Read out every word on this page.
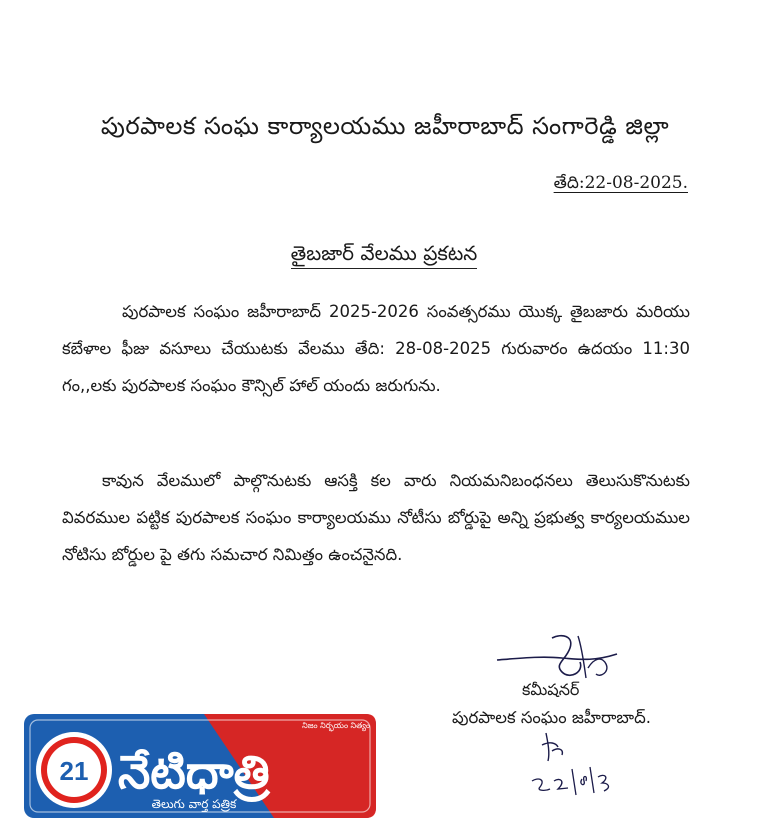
పురపాలక సంఘ కార్యాలయము జహీరాబాద్ సంగారెడ్డి జిల్లా
తేది:22-08-2025.
తైబజార్ వేలము ప్రకటన
పురపాలక సంఘం జహీరాబాద్ 2025-2026 సంవత్సరము యొక్క తైబజారు మరియు కబేళాల ఫీజు వసూలు చేయుటకు వేలము తేది: 28-08-2025 గురువారం ఉదయం 11:30 గం,,లకు పురపాలక సంఘం కౌన్సిల్ హాల్ యందు జరుగును.
కావున వేలములో పాల్గొనుటకు ఆసక్తి కల వారు నియమనిబంధనలు తెలుసుకొనుటకు వివరముల పట్టిక పురపాలక సంఘం కార్యాలయము నోటీసు బోర్డుపై అన్ని ప్రభుత్వ కార్యలయముల నోటిసు బోర్డుల పై తగు సమచార నిమిత్తం ఉంచనైనది.
కమీషనర్
పురపాలక సంఘం జహీరాబాద్.
21 నేటిధాత్రి
తెలుగు వార్త పత్రిక
నిజం నిర్భయం నిత్యం
